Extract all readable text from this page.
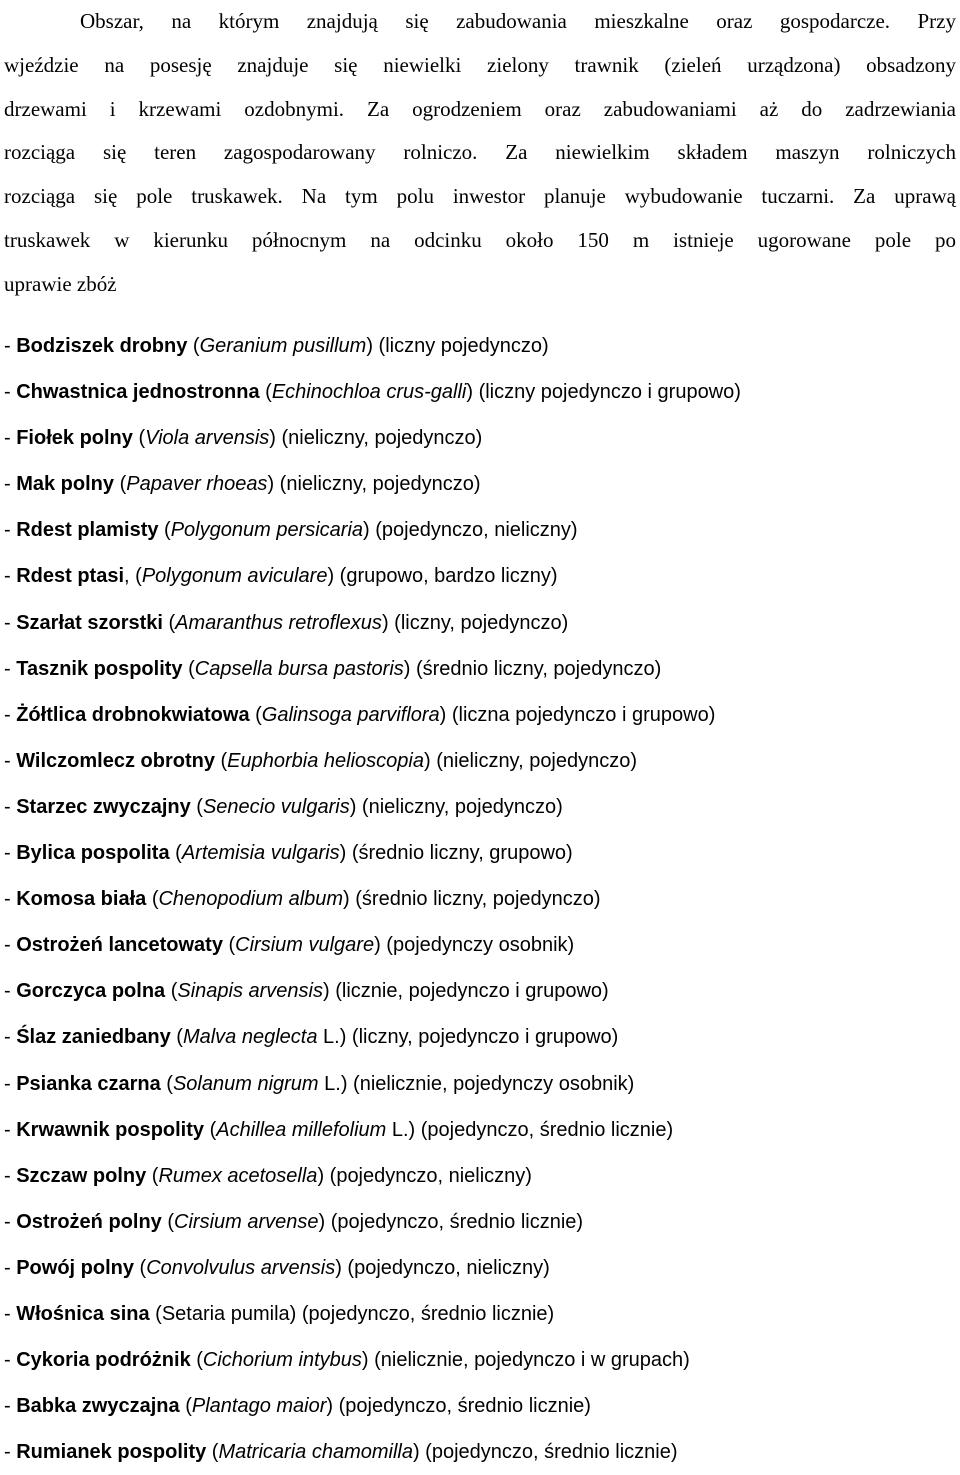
Obszar, na którym znajdują się zabudowania mieszkalne oraz gospodarcze. Przy
wjeździe na posesję znajduje się niewielki zielony trawnik (zieleń urządzona) obsadzony
drzewami i krzewami ozdobnymi. Za ogrodzeniem oraz zabudowaniami aż do zadrzewiania
rozciąga się teren zagospodarowany rolniczo. Za niewielkim składem maszyn rolniczych
rozciąga się pole truskawek. Na tym polu inwestor planuje wybudowanie tuczarni. Za uprawą
truskawek w kierunku północnym na odcinku około 150 m istnieje ugorowane pole po
uprawie zbóż

- Bodziszek drobny (Geranium pusillum) (liczny pojedynczo)
- Chwastnica jednostronna (Echinochloa crus-galli) (liczny pojedynczo i grupowo)
- Fiołek polny (Viola arvensis) (nieliczny, pojedynczo)
- Mak polny (Papaver rhoeas) (nieliczny, pojedynczo)
- Rdest plamisty (Polygonum persicaria) (pojedynczo, nieliczny)
- Rdest ptasi, (Polygonum aviculare) (grupowo, bardzo liczny)
- Szarłat szorstki (Amaranthus retroflexus) (liczny, pojedynczo)
- Tasznik pospolity (Capsella bursa pastoris) (średnio liczny, pojedynczo)
- Żółtlica drobnokwiatowa (Galinsoga parviflora) (liczna pojedynczo i grupowo)
- Wilczomlecz obrotny (Euphorbia helioscopia) (nieliczny, pojedynczo)
- Starzec zwyczajny (Senecio vulgaris) (nieliczny, pojedynczo)
- Bylica pospolita (Artemisia vulgaris) (średnio liczny, grupowo)
- Komosa biała (Chenopodium album) (średnio liczny, pojedynczo)
- Ostrożeń lancetowaty (Cirsium vulgare) (pojedynczy osobnik)
- Gorczyca polna (Sinapis arvensis) (licznie, pojedynczo i grupowo)
- Ślaz zaniedbany (Malva neglecta L.) (liczny, pojedynczo i grupowo)
- Psianka czarna (Solanum nigrum L.) (nielicznie, pojedynczy osobnik)
- Krwawnik pospolity (Achillea millefolium L.) (pojedynczo, średnio licznie)
- Szczaw polny (Rumex acetosella) (pojedynczo, nieliczny)
- Ostrożeń polny (Cirsium arvense) (pojedynczo, średnio licznie)
- Powój polny (Convolvulus arvensis) (pojedynczo, nieliczny)
- Włośnica sina (Setaria pumila) (pojedynczo, średnio licznie)
- Cykoria podróżnik (Cichorium intybus) (nielicznie, pojedynczo i w grupach)
- Babka zwyczajna (Plantago maior) (pojedynczo, średnio licznie)
- Rumianek pospolity (Matricaria chamomilla) (pojedynczo, średnio licznie)
